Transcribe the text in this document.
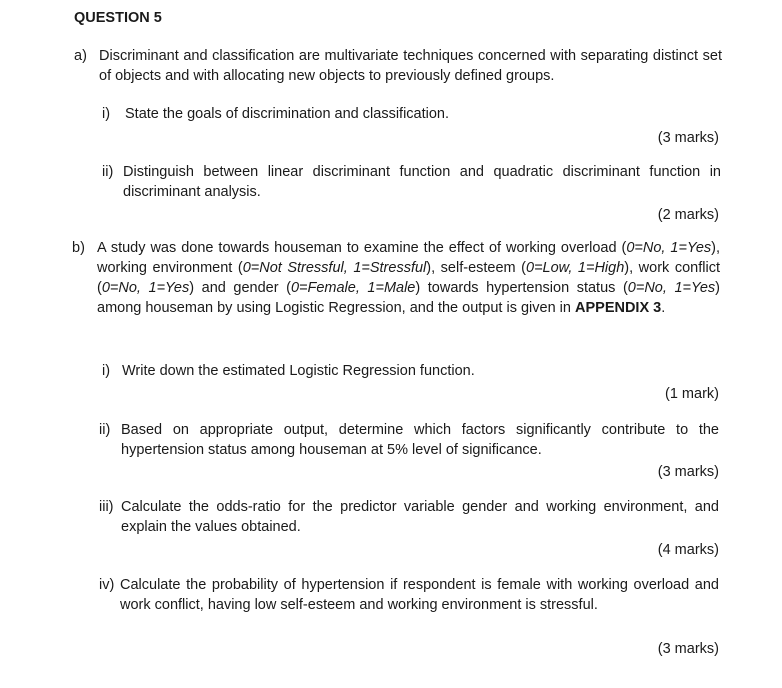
QUESTION 5
a) Discriminant and classification are multivariate techniques concerned with separating distinct set of objects and with allocating new objects to previously defined groups.
i) State the goals of discrimination and classification.
(3 marks)
ii) Distinguish between linear discriminant function and quadratic discriminant function in discriminant analysis.
(2 marks)
b) A study was done towards houseman to examine the effect of working overload (0=No, 1=Yes), working environment (0=Not Stressful, 1=Stressful), self-esteem (0=Low, 1=High), work conflict (0=No, 1=Yes) and gender (0=Female, 1=Male) towards hypertension status (0=No, 1=Yes) among houseman by using Logistic Regression, and the output is given in APPENDIX 3.
i) Write down the estimated Logistic Regression function.
(1 mark)
ii) Based on appropriate output, determine which factors significantly contribute to the hypertension status among houseman at 5% level of significance.
(3 marks)
iii) Calculate the odds-ratio for the predictor variable gender and working environment, and explain the values obtained.
(4 marks)
iv) Calculate the probability of hypertension if respondent is female with working overload and work conflict, having low self-esteem and working environment is stressful.
(3 marks)
